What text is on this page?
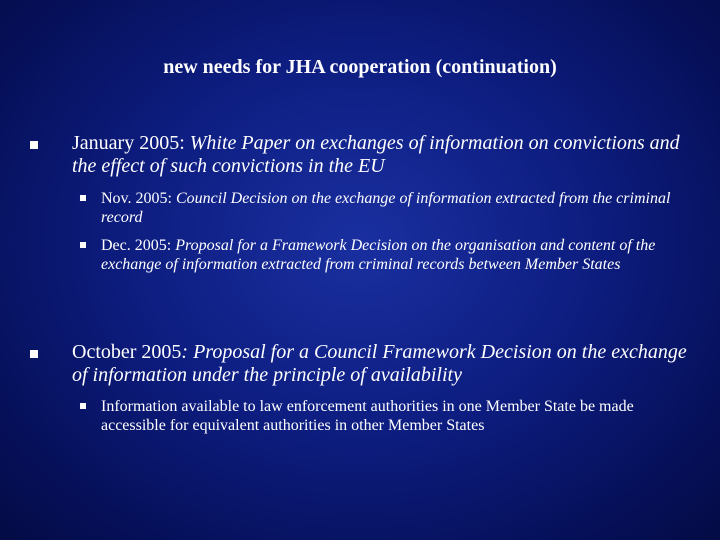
new needs for JHA cooperation (continuation)
January 2005: White Paper on exchanges of information on convictions and the effect of such convictions in the EU
Nov. 2005: Council Decision on the exchange of information extracted from the criminal record
Dec. 2005: Proposal for a Framework Decision on the organisation and content of the exchange of information extracted from criminal records between Member States
October 2005: Proposal for a Council Framework Decision on the exchange of information under the principle of availability
Information available to law enforcement authorities in one Member State be made accessible for equivalent authorities in other Member States
